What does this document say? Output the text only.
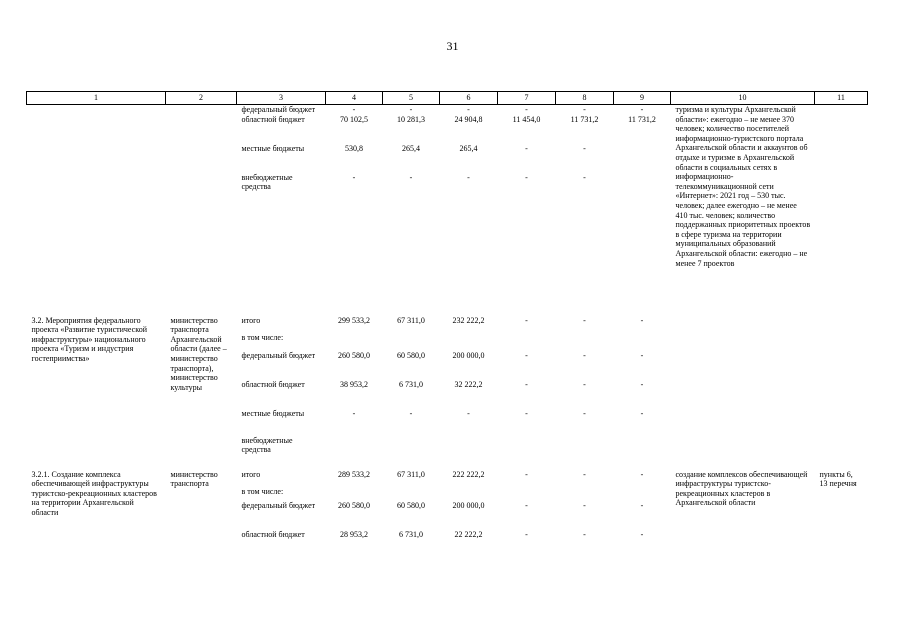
31
1	2	3	4	5	6	7	8	9	10	11
		федеральный бюджет	-	-	-	-	-	-	туризма и культуры Архангельской области»: ежегодно – не менее 370 человек; количество посетителей информационно-туристского портала Архангельской области и аккаунтов об отдыхе и туризме в Архангельской области в социальных сетях в информационно-телекоммуникационной сети «Интернет»: 2021 год – 530 тыс. человек; далее ежегодно – не менее 410 тыс. человек; количество поддержанных приоритетных проектов в сфере туризма на территории муниципальных образований Архангельской области: ежегодно – не менее 7 проектов	
		областной бюджет	70 102,5	10 281,3	24 904,8	11 454,0	11 731,2	11 731,2		
		местные бюджеты	530,8	265,4	265,4	-	-			
		внебюджетные средства	-	-	-	-	-			
3.2. Мероприятия федерального проекта «Развитие туристической инфраструктуры» национального проекта «Туризм и индустрия гостеприимства»	министерство транспорта Архангельской области (далее – министерство транспорта), министерство культуры	итого	299 533,2	67 311,0	232 222,2	-	-	-		
		в том числе:								
		федеральный бюджет	260 580,0	60 580,0	200 000,0	-	-	-		
		областной бюджет	38 953,2	6 731,0	32 222,2	-	-	-		
		местные бюджеты	-	-	-	-	-	-		
		внебюджетные средства								
3.2.1. Создание комплекса обеспечивающей инфраструктуры туристско-рекреационных кластеров на территории Архангельской области	министерство транспорта	итого	289 533,2	67 311,0	222 222,2	-	-	-	создание комплексов обеспечивающей инфраструктуры туристско-рекреационных кластеров в Архангельской области	пункты 6, 13 перечня
		в том числе:								
		федеральный бюджет	260 580,0	60 580,0	200 000,0	-	-	-		
		областной бюджет	28 953,2	6 731,0	22 222,2	-	-	-		
